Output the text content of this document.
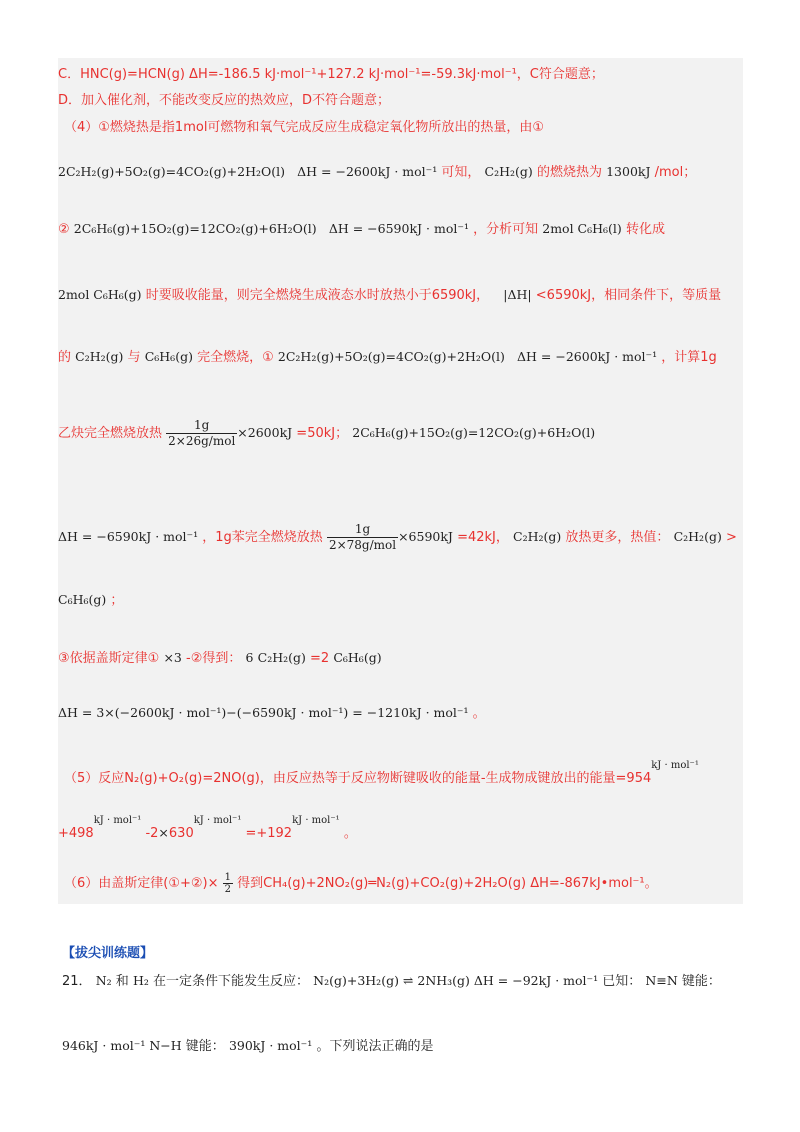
C．HNC(g)=HCN(g) ΔH=-186.5 kJ·mol⁻¹+127.2 kJ·mol⁻¹=-59.3kJ·mol⁻¹，C符合题意；
D．加入催化剂，不能改变反应的热效应，D不符合题意；
（4）①燃烧热是指1mol可燃物和氧气完成反应生成稳定氧化物所放出的热量，由①
2C₂H₂(g)+5O₂(g)=4CO₂(g)+2H₂O(l) ΔH = −2600kJ · mol⁻¹ 可知， C₂H₂(g) 的燃烧热为 1300kJ /mol；
② 2C₆H₆(g)+15O₂(g)=12CO₂(g)+6H₂O(l) ΔH = −6590kJ · mol⁻¹ ，分析可知 2mol C₆H₆(l) 转化成
2mol C₆H₆(g) 时要吸收能量，则完全燃烧生成液态水时放热小于6590kJ， |ΔH| <6590kJ，相同条件下，等质量
的 C₂H₂(g) 与 C₆H₆(g) 完全燃烧，① 2C₂H₂(g)+5O₂(g)=4CO₂(g)+2H₂O(l) ΔH = −2600kJ · mol⁻¹ ，计算1g
乙炔完全燃烧放热 $\frac{1g}{\text{2×26g/mol}} \times 2600kJ =50kJ$； 2C₆H₆(g)+15O₂(g)=12CO₂(g)+6H₂O(l)
ΔH = −6590kJ · mol⁻¹ ，1g苯完全燃烧放热 $\frac{1g}{\text{2×78g/mol}} \times 6590kJ =42kJ$， C₂H₂(g) 放热更多，热值： C₂H₂(g) >
C₆H₆(g) ；
③依据盖斯定律① ×3 -②得到： 6 C₂H₂(g) =2 C₆H₆(g)
ΔH = 3×(−2600kJ · mol⁻¹)−(−6590kJ · mol⁻¹) = −1210kJ · mol⁻¹ 。
（5）反应N₂(g)+O₂(g)=2NO(g)，由反应热等于反应物断键吸收的能量-生成物成键放出的能量$=954^{kJ \cdot mol^{-1}}$
$+498^{kJ \cdot mol^{-1}}$ $-2\times 630^{kJ \cdot mol^{-1}} =+192^{kJ \cdot mol^{-1}}$ 。
（6）由盖斯定律(①+②)× $\frac{1}{2}$ 得到CH₄(g)+2NO₂(g)═N₂(g)+CO₂(g)+2H₂O(g) ΔH=-867kJ•mol⁻¹。
【拔尖训练题】
21． N₂ 和 H₂ 在一定条件下能发生反应： N₂(g)+3H₂(g) ⇌ 2NH₃(g) ΔH = −92kJ · mol⁻¹ 已知： N≡N 键能：
946kJ · mol⁻¹ N−H 键能： 390kJ · mol⁻¹ 。下列说法正确的是
